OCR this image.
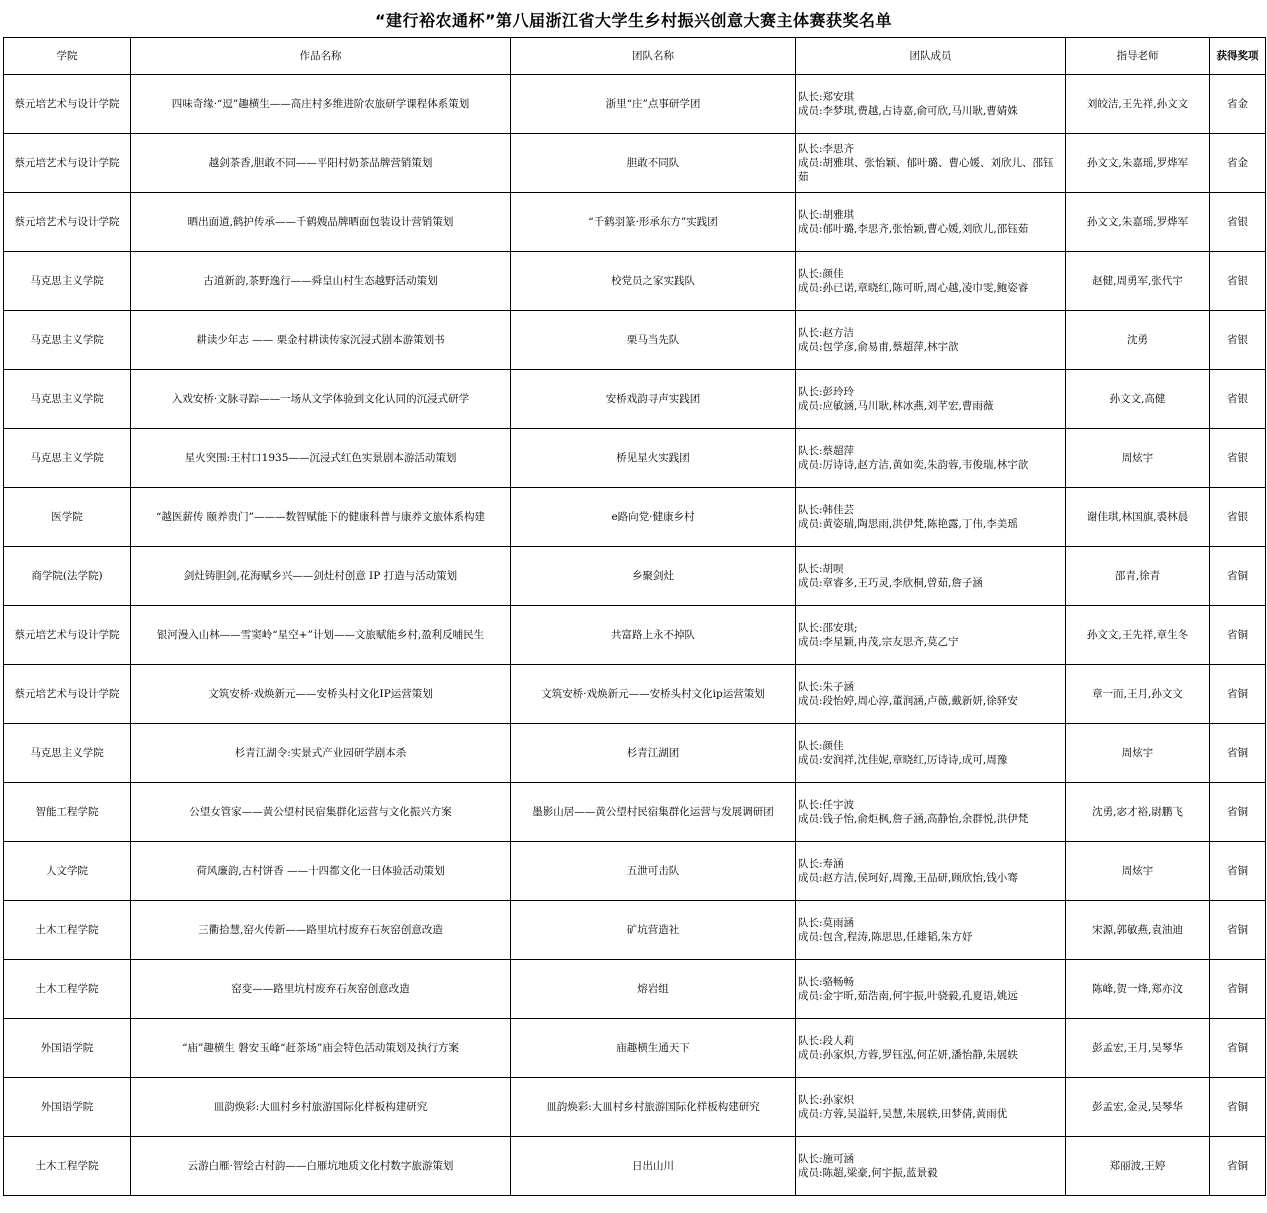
“建行裕农通杯”第八届浙江省大学生乡村振兴创意大赛主体赛获奖名单
学院	作品名称	团队名称	团队成员	指导老师	获得奖项
蔡元培艺术与设计学院	四味奇缘·“逗”趣横生——高庄村多维进阶农旅研学课程体系策划	浙里“庄”点事研学团	队长:郑安琪
成员:李梦琪,费越,占诗嘉,俞可欣,马川耿,曹婧姝	刘皎洁,王先祥,孙文文	省金
蔡元培艺术与设计学院	越剑茶香,胆敢不同——平阳村奶茶品牌营销策划	胆敢不同队	队长:李思齐
成员:胡雅琪、张怡颖、郁叶璐、曹心媛、刘欣儿、邵钰茹	孙文文,朱嘉瑶,罗烨军	省金
蔡元培艺术与设计学院	晒出面道,鹤护传承——千鹤嫂品牌晒面包装设计营销策划	“千鹤羽篆·形承东方”实践团	队长:胡雅琪
成员:郁叶璐,李思齐,张怡颖,曹心媛,刘欣儿,邵钰茹	孙文文,朱嘉瑶,罗烨军	省银
马克思主义学院	古道新韵,茶野逸行——舜皇山村生态越野活动策划	校党员之家实践队	队长:颜佳
成员:孙已诺,章晓红,陈可昕,周心越,凌巾雯,鲍姿睿	赵健,周勇军,张代宇	省银
马克思主义学院	耕读少年志 —— 栗金村耕读传家沉浸式剧本游策划书	栗马当先队	队长:赵方洁
成员:包学彦,俞易甫,蔡超萍,林宇歆	沈勇	省银
马克思主义学院	入戏安桥·文脉寻踪——一场从文学体验到文化认同的沉浸式研学	安桥戏韵寻声实践团	队长:彭玲玲
成员:应敏涵,马川耿,林冰燕,刘芊宏,曹雨薇	孙文文,高健	省银
马克思主义学院	星火突围:王村口1935——沉浸式红色实景剧本游活动策划	桥见星火实践团	队长:蔡超萍
成员:厉诗诗,赵方洁,黄如奕,朱韵蓉,韦俊瑞,林宇歆	周炫宇	省银
医学院	“越医薪传 颐养贵门”———数智赋能下的健康科普与康养文旅体系构建	e路向党·健康乡村	队长:韩佳芸
成员:黄姿瑞,陶思雨,洪伊梵,陈艳露,丁伟,李美瑶	谢佳琪,林国旗,裘林晨	省银
商学院(法学院)	剑灶铸胆剑,花海赋乡兴——剑灶村创意 IP 打造与活动策划	乡聚剑灶	队长:胡呗
成员:章睿多,王巧灵,李欣桐,曾茹,詹子涵	邵青,徐青	省铜
蔡元培艺术与设计学院	银河漫入山林——雪窦岭“星空+”计划——文旅赋能乡村,盈利反哺民生	共富路上永不掉队	队长:邵安琪;
成员:李星颖,冉茂,宗友思齐,莫乙宁	孙文文,王先祥,章生冬	省铜
蔡元培艺术与设计学院	文筑安桥·戏焕新元——安桥头村文化IP运营策划	文筑安桥·戏焕新元——安桥头村文化ip运营策划	队长:朱子涵
成员:段怡婷,周心淳,董润涵,卢薇,戴新妍,徐驿安	章一而,王月,孙文文	省铜
马克思主义学院	杉青江湖令:实景式产业园研学剧本杀	杉青江湖团	队长:颜佳
成员:安润祥,沈佳妮,章晓红,厉诗诗,成可,周豫	周炫宇	省铜
智能工程学院	公望女管家——黄公望村民宿集群化运营与文化振兴方案	墨影山居——黄公望村民宿集群化运营与发展调研团	队长:任宇波
成员:钱子怡,俞炬枫,詹子涵,高静怡,余群悦,洪伊梵	沈勇,宓才裕,尉鹏飞	省铜
人文学院	荷风廉韵,古村饼香 ——十四都文化一日体验活动策划	五泄可击队	队长:寿涵
成员:赵方洁,侯珂好,周豫,王品研,顾欣怡,钱小骞	周炫宇	省铜
土木工程学院	三衢拾慧,窑火传新——路里坑村废弃石灰窑创意改造	矿坑营造社	队长:莫雨涵
成员:包含,程涛,陈思思,任雄韬,朱方妤	宋源,郭敏燕,袁油迪	省铜
土木工程学院	窑变——路里坑村废弃石灰窑创意改造	熔岩组	队长:骆畅畅
成员:金宇昕,茹浩南,何宇振,叶骁毅,孔夏语,姚远	陈峰,贺一烽,郑亦汶	省铜
外国语学院	“庙”趣横生 磐安玉峰“赶茶场”庙会特色活动策划及执行方案	庙趣横生通天下	队长:段人莉
成员:孙家炽,方蓉,罗钰泓,何芷妍,潘怡静,朱展轶	彭孟宏,王月,吴琴华	省铜
外国语学院	皿韵焕彩:大皿村乡村旅游国际化样板构建研究	皿韵焕彩:大皿村乡村旅游国际化样板构建研究	队长:孙家炽
成员:方蓉,吴溢轩,吴慧,朱展轶,田梦倩,黄雨优	彭孟宏,金灵,吴琴华	省铜
土木工程学院	云游白雁·智绘古村韵——白雁坑地质文化村数字旅游策划	日出山川	队长:施可涵
成员:陈超,梁豪,何宇振,蓝景毅	郑丽波,王婷	省铜
